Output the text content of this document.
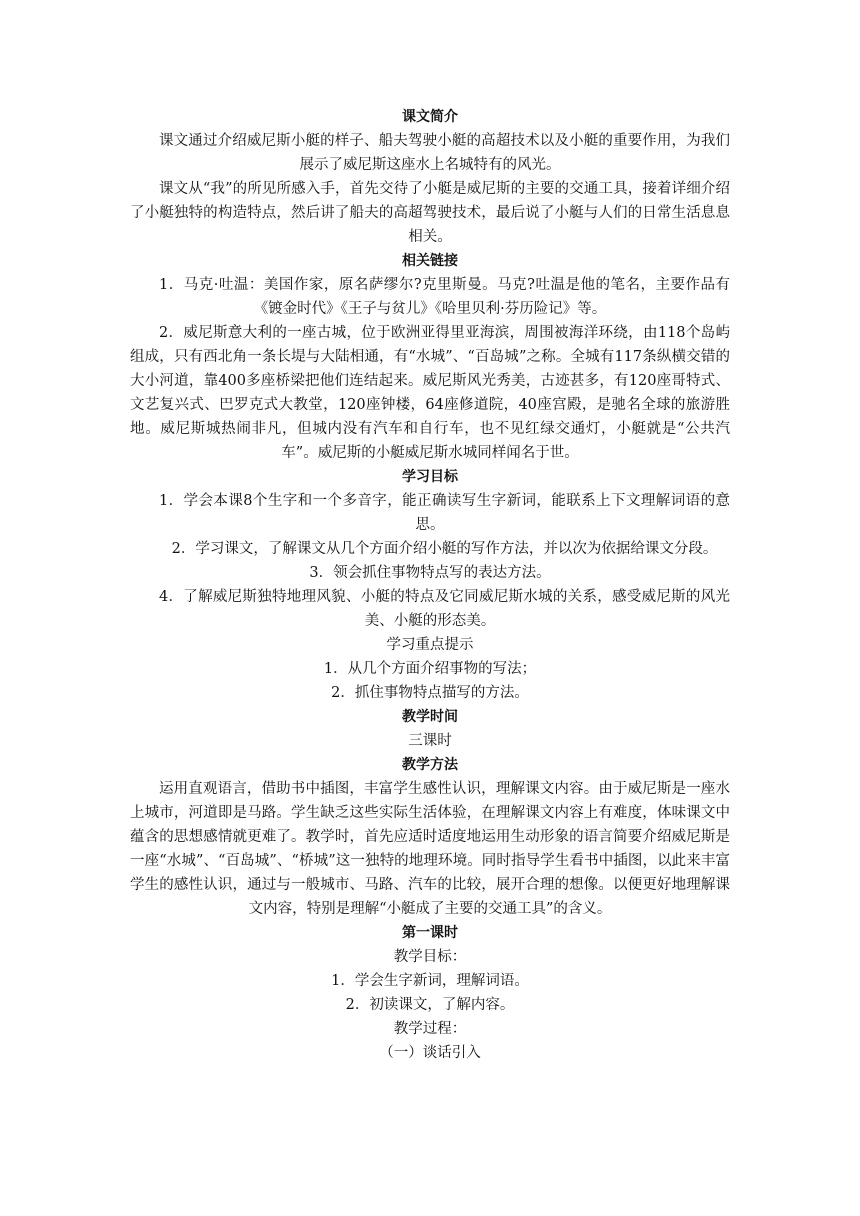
课文简介
课文通过介绍威尼斯小艇的样子、船夫驾驶小艇的高超技术以及小艇的重要作用，为我们展示了威尼斯这座水上名城特有的风光。
课文从“我”的所见所感入手，首先交待了小艇是威尼斯的主要的交通工具，接着详细介绍了小艇独特的构造特点，然后讲了船夫的高超驾驶技术，最后说了小艇与人们的日常生活息息相关。
相关链接
1．马克·吐温：美国作家，原名萨缪尔?克里斯曼。马克?吐温是他的笔名，主要作品有《镀金时代》《王子与贫儿》《哈里贝利·芬历险记》等。
2．威尼斯意大利的一座古城，位于欧洲亚得里亚海滨，周围被海洋环绕，由118个岛屿组成，只有西北角一条长堤与大陆相通，有“水城”、“百岛城”之称。全城有117条纵横交错的大小河道，靠400多座桥梁把他们连结起来。威尼斯风光秀美，古迹甚多，有120座哥特式、文艺复兴式、巴罗克式大教堂，120座钟楼，64座修道院，40座宫殿，是驰名全球的旅游胜地。威尼斯城热闹非凡，但城内没有汽车和自行车，也不见红绿交通灯，小艇就是“公共汽车”。威尼斯的小艇威尼斯水城同样闻名于世。
学习目标
1．学会本课8个生字和一个多音字，能正确读写生字新词，能联系上下文理解词语的意思。
2．学习课文，了解课文从几个方面介绍小艇的写作方法，并以次为依据给课文分段。
3．领会抓住事物特点写的表达方法。
4．了解威尼斯独特地理风貌、小艇的特点及它同威尼斯水城的关系，感受威尼斯的风光美、小艇的形态美。
学习重点提示
1．从几个方面介绍事物的写法；
2．抓住事物特点描写的方法。
教学时间
三课时
教学方法
运用直观语言，借助书中插图，丰富学生感性认识，理解课文内容。由于威尼斯是一座水上城市，河道即是马路。学生缺乏这些实际生活体验，在理解课文内容上有难度，体味课文中蕴含的思想感情就更难了。教学时，首先应适时适度地运用生动形象的语言简要介绍威尼斯是一座“水城”、“百岛城”、“桥城”这一独特的地理环境。同时指导学生看书中插图，以此来丰富学生的感性认识，通过与一般城市、马路、汽车的比较，展开合理的想像。以便更好地理解课文内容，特别是理解“小艇成了主要的交通工具”的含义。
第一课时
教学目标：
1．学会生字新词，理解词语。
2．初读课文，了解内容。
教学过程：
（一）谈话引入
